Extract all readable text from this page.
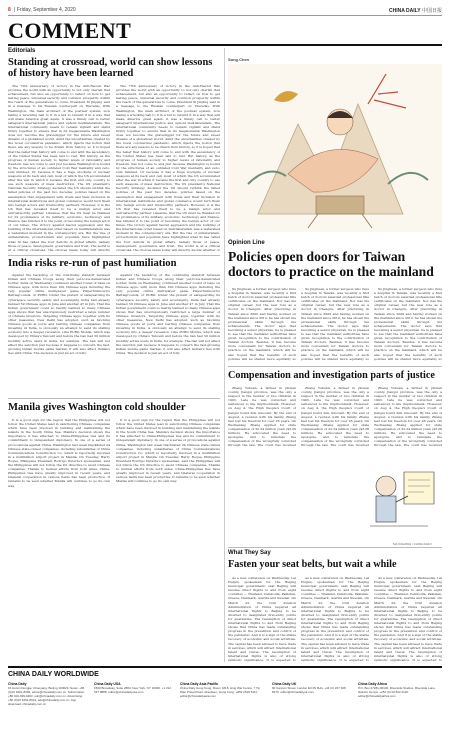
8 | Friday, September 4, 2020	CHINA DAILY 中国日报
COMMENT
Editorials
Standing at crossroad, world can show lessons of history have been learned

The 75th anniversary of victory in the Anti-Fascist War provides the world with an opportunity to not only cherish that achievement, but also an opportunity to reflect on how to get lasting peace, universal security and common prosperity within the reach of the generations to come, President Xi Jinping said in a message to his Russian counterpart on Thursday. With Washington, the main architect of the postwar system, now taking a wrecking ball to it in a bid to rebuild it in a way that will make America great again, it was a timely call to better safeguard international justice and uphold multilateralism. The international community needs to remain vigilant and stand firmly together to ensure that in its megalomania Washington does not become the gravedigger for the future and sweet dreams of a globalized world. Amid the uncertainties created by the novel coronavirus pandemic, which injects the notion that there are any lessons to be drawn from history, so it is hoped that the belief that history will come to end with the ascendancy of the United States has been laid to rest. But history, as the progress of human society to higher levels of rationality and freedom, has not come to end just because Washington is bound by the structures of an outdated Cold War mentality and zero-sum mindset. Or because it has a huge stockpile of nuclear weapons at its beck and call, most of which the US accumulated after the war in which it became the first and only country to use such weapons of mass destruction. The US president's National Security Strategy declared the US should rethink the failed policies of the past two decades, policies based on the assumption that engagement with rivals and their inclusion in international institutions and global commerce would turn them into benign actors and trustworthy partners. However, it is the US that has revealed itself to be a malign actor and untrustworthy partner. Likewise, that the US must be thanked for its prominence of its military, economic, technology and finance, has blinded it to the point of becoming the benign actor of our times. The victory against fascist aggression and the building of the international order based on multilateralism was a watershed moment in the contemporary era. But the rise of unilateralism, protectionism and populism have highlighted what Xi has called the four deficits in global affairs, namely those of peace, development, governance and trust. The world is at a critical crossroad, the choices made today will directly

The 75th anniversary of victory in the Anti-Fascist War provides the world with an opportunity to not only cherish that achievement, but also an opportunity to reflect on how to get lasting peace, universal security and common prosperity within the reach of the generations to come, President Xi Jinping said in a message to his Russian counterpart on Thursday. With Washington, the main architect of the postwar system, now taking a wrecking ball to it in a bid to rebuild it in a way that will make America great again, it was a timely call to better safeguard international justice and uphold multilateralism. The international community needs to remain vigilant and stand firmly together to ensure that in its megalomania Washington does not become the gravedigger for the future and sweet dreams of a globalized world. Amid the uncertainties created by the novel coronavirus pandemic, which injects the notion that there are any lessons to be drawn from history, so it is hoped that the belief that history will come to end with the ascendancy of the United States has been laid to rest. But history, as the progress of human society to higher levels of rationality and freedom, has not come to end just because Washington is bound by the structures of an outdated Cold War mentality and zero-sum mindset. Or because it has a huge stockpile of nuclear weapons at its beck and call, most of which the US accumulated after the war in which it became the first and only country to use such weapons of mass destruction. The US president's National Security Strategy declared the US should rethink the failed policies of the past two decades, policies based on the assumption that engagement with rivals and their inclusion in international institutions and global commerce would turn them into benign actors and trustworthy partners. However, it is the US that has revealed itself to be a malign actor and untrustworthy partner. Likewise, that the US must be thanked for its prominence of its military, economic, technology and finance, has blinded it to the point of becoming the benign actor of our times. The victory against fascist aggression and the building of the international order based on multilateralism was a watershed moment in the contemporary era. But the rise of unilateralism, protectionism and populism have highlighted what Xi has called the four deficits in global affairs, namely those of peace, development, governance and trust. The world is at a critical crossroad, the choices made today will directly decide whether or

India risks re-run of past humiliation

Against the backdrop of the continuing standoff between Indian and Chinese troops along their yet-to-be-demarcated border, India on Wednesday continued another round of bans on Chinese apps, with more than 100 Chinese apps including the very popular online multiplayer game PlayerUnknown's Battlegrounds, or PUBG. Under the pretext of safeguarding its cyberspace security, safety and sovereignty, India had already banned 59 Chinese apps in June and another 47 in July. That the Indian government could so hastily banned so many Chinese apps shows that has unscrupulously restricted a large number of Chinese investors. Targeting Chinese apps, together with its other measures, New Delhi has adopted, such as blocking Chinese goods at ports and barring Chinese companies from investing in India, is obviously an attempt to send its stalling economy into a deeper recession. Like PUBG Mobile, which was developed by China's Tencent and before the ban had 50 million monthly active users in India, for example. The ban will not affect the sanction just because it happens to concern the fast-growing Indian mobile game market, it will also affect Indian's ties with China. The decision is just an act of folly.

Against the backdrop of the continuing standoff between Indian and Chinese troops along their yet-to-be-demarcated border, India on Wednesday continued another round of bans on Chinese apps, with more than 100 Chinese apps including the very popular online multiplayer game PlayerUnknown's Battlegrounds, or PUBG. Under the pretext of safeguarding its cyberspace security, safety and sovereignty, India had already banned 59 Chinese apps in June and another 47 in July. That the Indian government could so hastily banned so many Chinese apps shows that has unscrupulously restricted a large number of Chinese investors. Targeting Chinese apps, together with its other measures, New Delhi has adopted, such as blocking Chinese goods at ports and barring Chinese companies from investing in India, is obviously an attempt to send its stalling economy into a deeper recession. Like PUBG Mobile, which was developed by China's Tencent and before the ban had 50 million monthly active users in India, for example. The ban will not affect the sanction just because it happens to concern the fast-growing Indian mobile game market, it will also affect Indian's ties with China. The decision is just an act of folly.

Manila gives Washington cold shoulder

It is a good sign for the region that the Philippines will not follow the United States lead in sanctioning Chinese companies which have been involved in building and maintaining the islands in the South China Sea. Manila's decision shows the importance it has attached to China-Philippines ties and its commitment to independent diplomacy. In one of a series of provocations against China, Washington last week blacklisted 24 Chinese state-owned companies, including subsidiaries of China Communications Construction Co, which is reportedly involved in a multibillion airport project in Manila. On Tuesday, Harry Roque, Philippine President Rodrigo Duterte's spokesman, said the Philippines will not follow the US directive to avoid Chinese companies. Thanks to mutual efforts from both sides, China-Philippines ties have greatly improved in recent years, and bilateral cooperation in various fields has been productive. It remains to be seen whether Manila will continue to go its own way.

It is a good sign for the region that the Philippines will not follow the United States lead in sanctioning Chinese companies which have been involved in building and maintaining the islands in the South China Sea. Manila's decision shows the importance it has attached to China-Philippines ties and its commitment to independent diplomacy. In one of a series of provocations against China, Washington last week blacklisted 24 Chinese state-owned companies, including subsidiaries of China Communications Construction Co, which is reportedly involved in a multibillion airport project in Manila. On Tuesday, Harry Roque, Philippine President Rodrigo Duterte's spokesman, said the Philippines will not follow the US directive to avoid Chinese companies. Thanks to mutual efforts from both sides, China-Philippines ties have greatly improved in recent years, and bilateral cooperation in various fields has been productive. It remains to be seen whether Manila will continue to go its own way.

Song Chen
Opinion Line
Policies open doors for Taiwan doctors to practice on the mainland

Xu Jinghuan, a former surgeon who runs a hospital in Taiwan, was recently a first batch of doctors awarded professional title certificates on the mainland. Nor has his original career, but the new role as a doctor in Chengdu. After practicing in Taiwan since 2000 and having worked on the mainland since 2012, he has shown his professional skills through his achievements. The doctor says that becoming a senior physician, he is pleased to see that the mainland authorities have given recognition to the contribution of Taiwan doctors. Besides, it has become more convenient for Taiwan doctors to practice on the mainland, which will be also hoped that the benefits of such policies will be shared more equitably so

Xu Jinghuan, a former surgeon who runs a hospital in Taiwan, was recently a first batch of doctors awarded professional title certificates on the mainland. Nor has his original career, but the new role as a doctor in Chengdu. After practicing in Taiwan since 2000 and having worked on the mainland since 2012, he has shown his professional skills through his achievements. The doctor says that becoming a senior physician, he is pleased to see that the mainland authorities have given recognition to the contribution of Taiwan doctors. Besides, it has become more convenient for Taiwan doctors to practice on the mainland, which will be also hoped that the benefits of such policies will be shared more equitably so

Xu Jinghuan, a former surgeon who runs a hospital in Taiwan, was recently a first batch of doctors awarded professional title certificates on the mainland. Nor has his original career, but the new role as a doctor in Chengdu. After practicing in Taiwan since 2000 and having worked on the mainland since 2012, he has shown his professional skills through his achievements. The doctor says that becoming a senior physician, he is pleased to see that the mainland authorities have given recognition to the contribution of Taiwan doctors. Besides, it has become more convenient for Taiwan doctors to practice on the mainland, which will be also hoped that the benefits of such policies will be shared more equitably so

Compensation and investigation parts of justice

Zhang Yuhuan, a farmer in Jinxian county, Jiangxi province, was the only a suspect in the murder of two children in 1993. Late he was convicted and sentenced to life imprisonment. However, on Aug 4, the High People's Court of Jiangxi found him innocent. By the end of August, a reunion with his family, Zhang had lost his freedom for over 26 years. On Wednesday, Zhang applied for state compensation of 22.34 million yuan ($3.26 million). He advocated the need to apologize, and to reinstate the compensation of the wrongfully convicted through the law. The court has received

Zhang Yuhuan, a farmer in Jinxian county, Jiangxi province, was the only a suspect in the murder of two children in 1993. Late he was convicted and sentenced to life imprisonment. However, on Aug 4, the High People's Court of Jiangxi found him innocent. By the end of August, a reunion with his family, Zhang had lost his freedom for over 26 years. On Wednesday, Zhang applied for state compensation of 22.34 million yuan ($3.26 million). He advocated the need to apologize, and to reinstate the compensation of the wrongfully convicted through the law. The court has received

Zhang Yuhuan, a farmer in Jinxian county, Jiangxi province, was the only a suspect in the murder of two children in 1993. Late he was convicted and sentenced to life imprisonment. However, on Aug 4, the High People's Court of Jiangxi found him innocent. By the end of August, a reunion with his family, Zhang had lost his freedom for over 26 years. On Wednesday, Zhang applied for state compensation of 22.34 million yuan ($3.26 million). He advocated the need to apologize, and to reinstate the compensation of the wrongfully convicted through the law. The court has received

MA XUEJING / CHINA DAILY
What They Say
Fasten your seat belts, but wait a while

As a new conference on Wednesday, Lai Huijun, spokesman for the Beijing municipal government, said Beijing will resume direct flights to and from eight countries — Thailand, Cambodia, Pakistan, Greece, Denmark, Austria and Sweden. On March 23, the Civil Aviation Administration of China required all international flights to Beijing to be diverted to designated first-entry points for quarantine. The resumption of direct international flights to and from Beijing shows that China has made outstanding progress in the prevention and control of the pandemic. And it is a sign of the stable recovery of economic and social activities. The capital has been allowed to have trade in services, which will attract international talent and travel. The resumption of international flights is also of strong symbolic significance. It is expected to

As a new conference on Wednesday, Lai Huijun, spokesman for the Beijing municipal government, said Beijing will resume direct flights to and from eight countries — Thailand, Cambodia, Pakistan, Greece, Denmark, Austria and Sweden. On March 23, the Civil Aviation Administration of China required all international flights to Beijing to be diverted to designated first-entry points for quarantine. The resumption of direct international flights to and from Beijing shows that China has made outstanding progress in the prevention and control of the pandemic. And it is a sign of the stable recovery of economic and social activities. The capital has been allowed to have trade in services, which will attract international talent and travel. The resumption of international flights is also of strong symbolic significance. It is expected to

As a new conference on Wednesday, Lai Huijun, spokesman for the Beijing municipal government, said Beijing will resume direct flights to and from eight countries — Thailand, Cambodia, Pakistan, Greece, Denmark, Austria and Sweden. On March 23, the Civil Aviation Administration of China required all international flights to Beijing to be diverted to designated first-entry points for quarantine. The resumption of direct international flights to and from Beijing shows that China has made outstanding progress in the prevention and control of the pandemic. And it is a sign of the stable recovery of economic and social activities. The capital has been allowed to have trade in services, which will attract international talent and travel. The resumption of international flights is also of strong symbolic significance. It is expected to

CHINA DAILY WORLDWIDE
China Daily
15 Huixin Dongjie, Chaoyang, Beijing 100029. News: +86 (0)10 6491-8366, editor@chinadaily.com.cn. Subscription: +86 400-699-0203, sub@chinadaily.com.cn. Advertising: +86 (0)10 6491-8631, ads@chinadaily.com.cn. App download: chinadaily.com.cn
China Daily USA
1500 Broadway, Suite 2800, New York, NY 10036. +1 212 537 8888. editor@chinadailyusa.com
China Daily Asia Pacific
China Daily Hong Kong, Room 1818, Hing Wai Centre, 7 Tin Wan Praya Road, Aberdeen, Hong Kong. +852 2518 5111. editor@chinadailyasia.com
China Daily UK
90 Cannon Street, London EC4N 6HA. +44 (0) 207 398 8270. editor@chinadailyuk.com
China Daily Africa
P.O. Box 27281-00100, Riverside Studios, Riverside Lane, Nairobi, Kenya. +254 (0) 20 522 2120. editor@chinadailyafrica.com
